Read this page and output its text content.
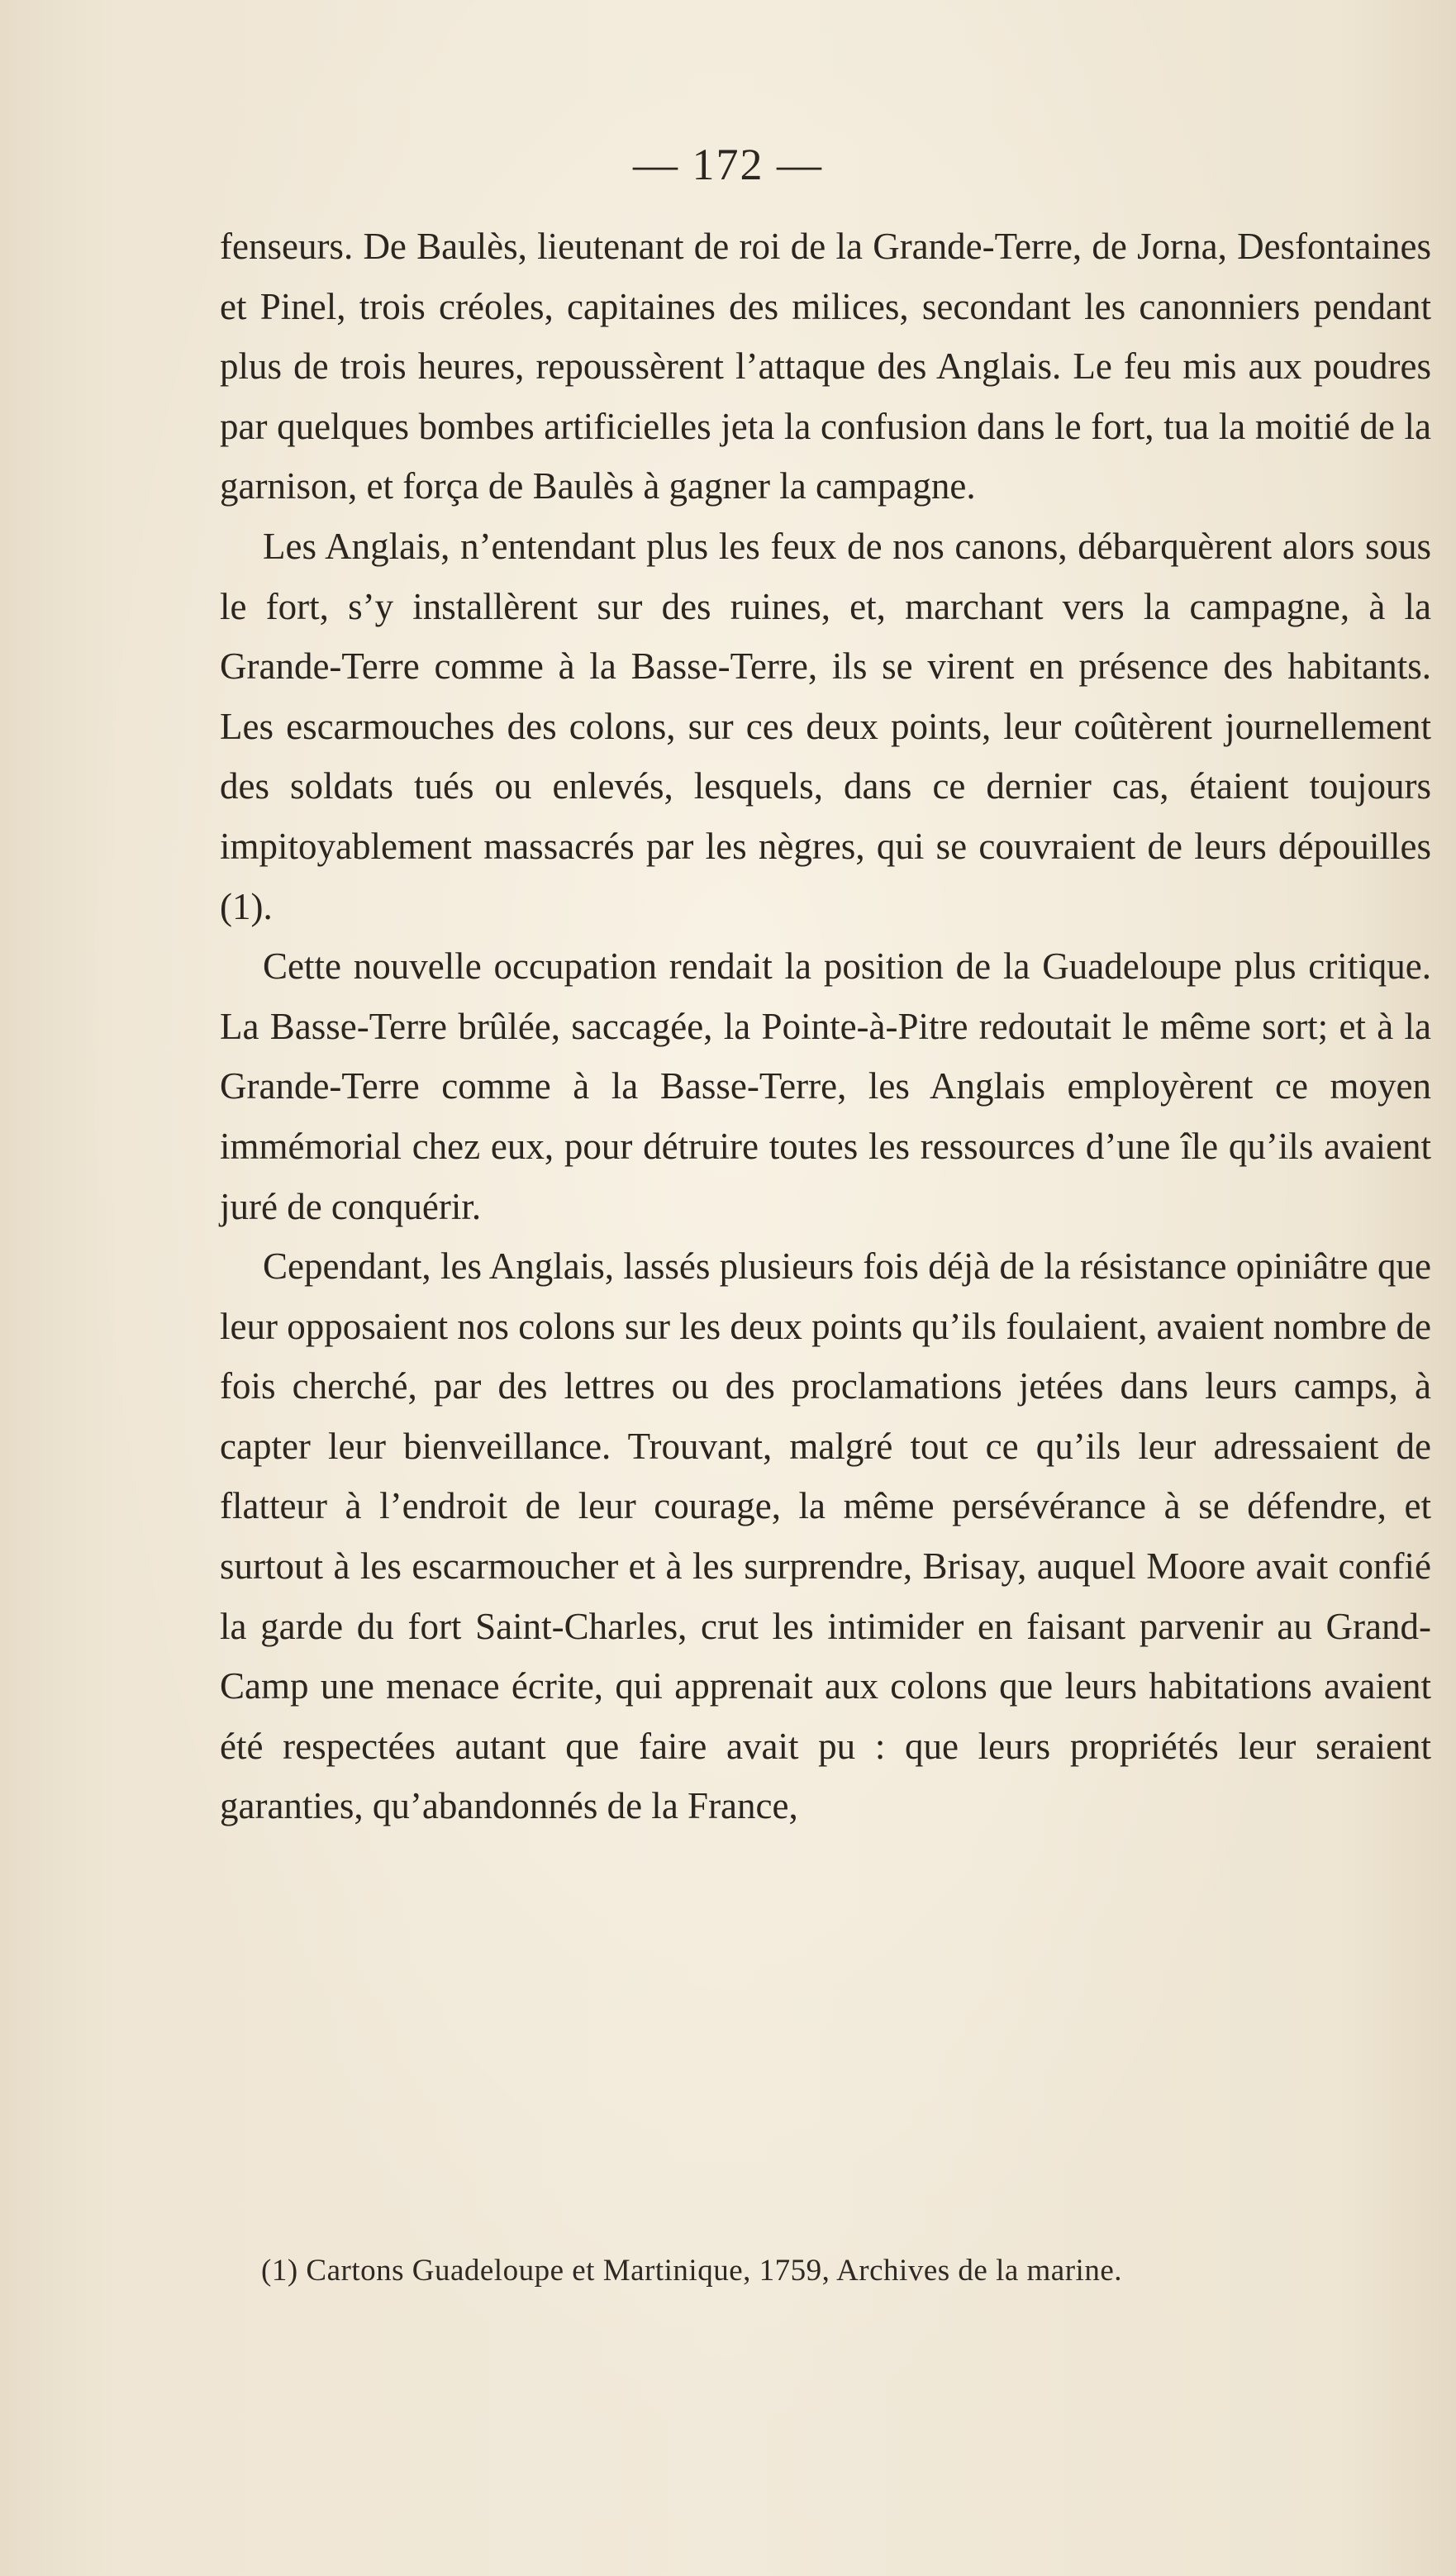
— 172 —

fenseurs. De Baulès, lieutenant de roi de la Grande-Terre, de Jorna, Desfontaines et Pinel, trois créoles, capitaines des milices, secondant les canonniers pendant plus de trois heures, repoussèrent l’attaque des Anglais. Le feu mis aux poudres par quelques bombes artificielles jeta la confusion dans le fort, tua la moitié de la garnison, et força de Baulès à gagner la campagne.

Les Anglais, n’entendant plus les feux de nos canons, débarquèrent alors sous le fort, s’y installèrent sur des ruines, et, marchant vers la campagne, à la Grande-Terre comme à la Basse-Terre, ils se virent en présence des habitants. Les escarmouches des colons, sur ces deux points, leur coûtèrent journellement des soldats tués ou enlevés, lesquels, dans ce dernier cas, étaient toujours impitoyablement massacrés par les nègres, qui se couvraient de leurs dépouilles (1).

Cette nouvelle occupation rendait la position de la Guadeloupe plus critique. La Basse-Terre brûlée, saccagée, la Pointe-à-Pitre redoutait le même sort; et à la Grande-Terre comme à la Basse-Terre, les Anglais employèrent ce moyen immémorial chez eux, pour détruire toutes les ressources d’une île qu’ils avaient juré de conquérir.

Cependant, les Anglais, lassés plusieurs fois déjà de la résistance opiniâtre que leur opposaient nos colons sur les deux points qu’ils foulaient, avaient nombre de fois cherché, par des lettres ou des proclamations jetées dans leurs camps, à capter leur bienveillance. Trouvant, malgré tout ce qu’ils leur adressaient de flatteur à l’endroit de leur courage, la même persévérance à se défendre, et surtout à les escarmoucher et à les surprendre, Brisay, auquel Moore avait confié la garde du fort Saint-Charles, crut les intimider en faisant parvenir au Grand-Camp une menace écrite, qui apprenait aux colons que leurs habitations avaient été respectées autant que faire avait pu : que leurs propriétés leur seraient garanties, qu’abandonnés de la France,

(1) Cartons Guadeloupe et Martinique, 1759, Archives de la marine.
